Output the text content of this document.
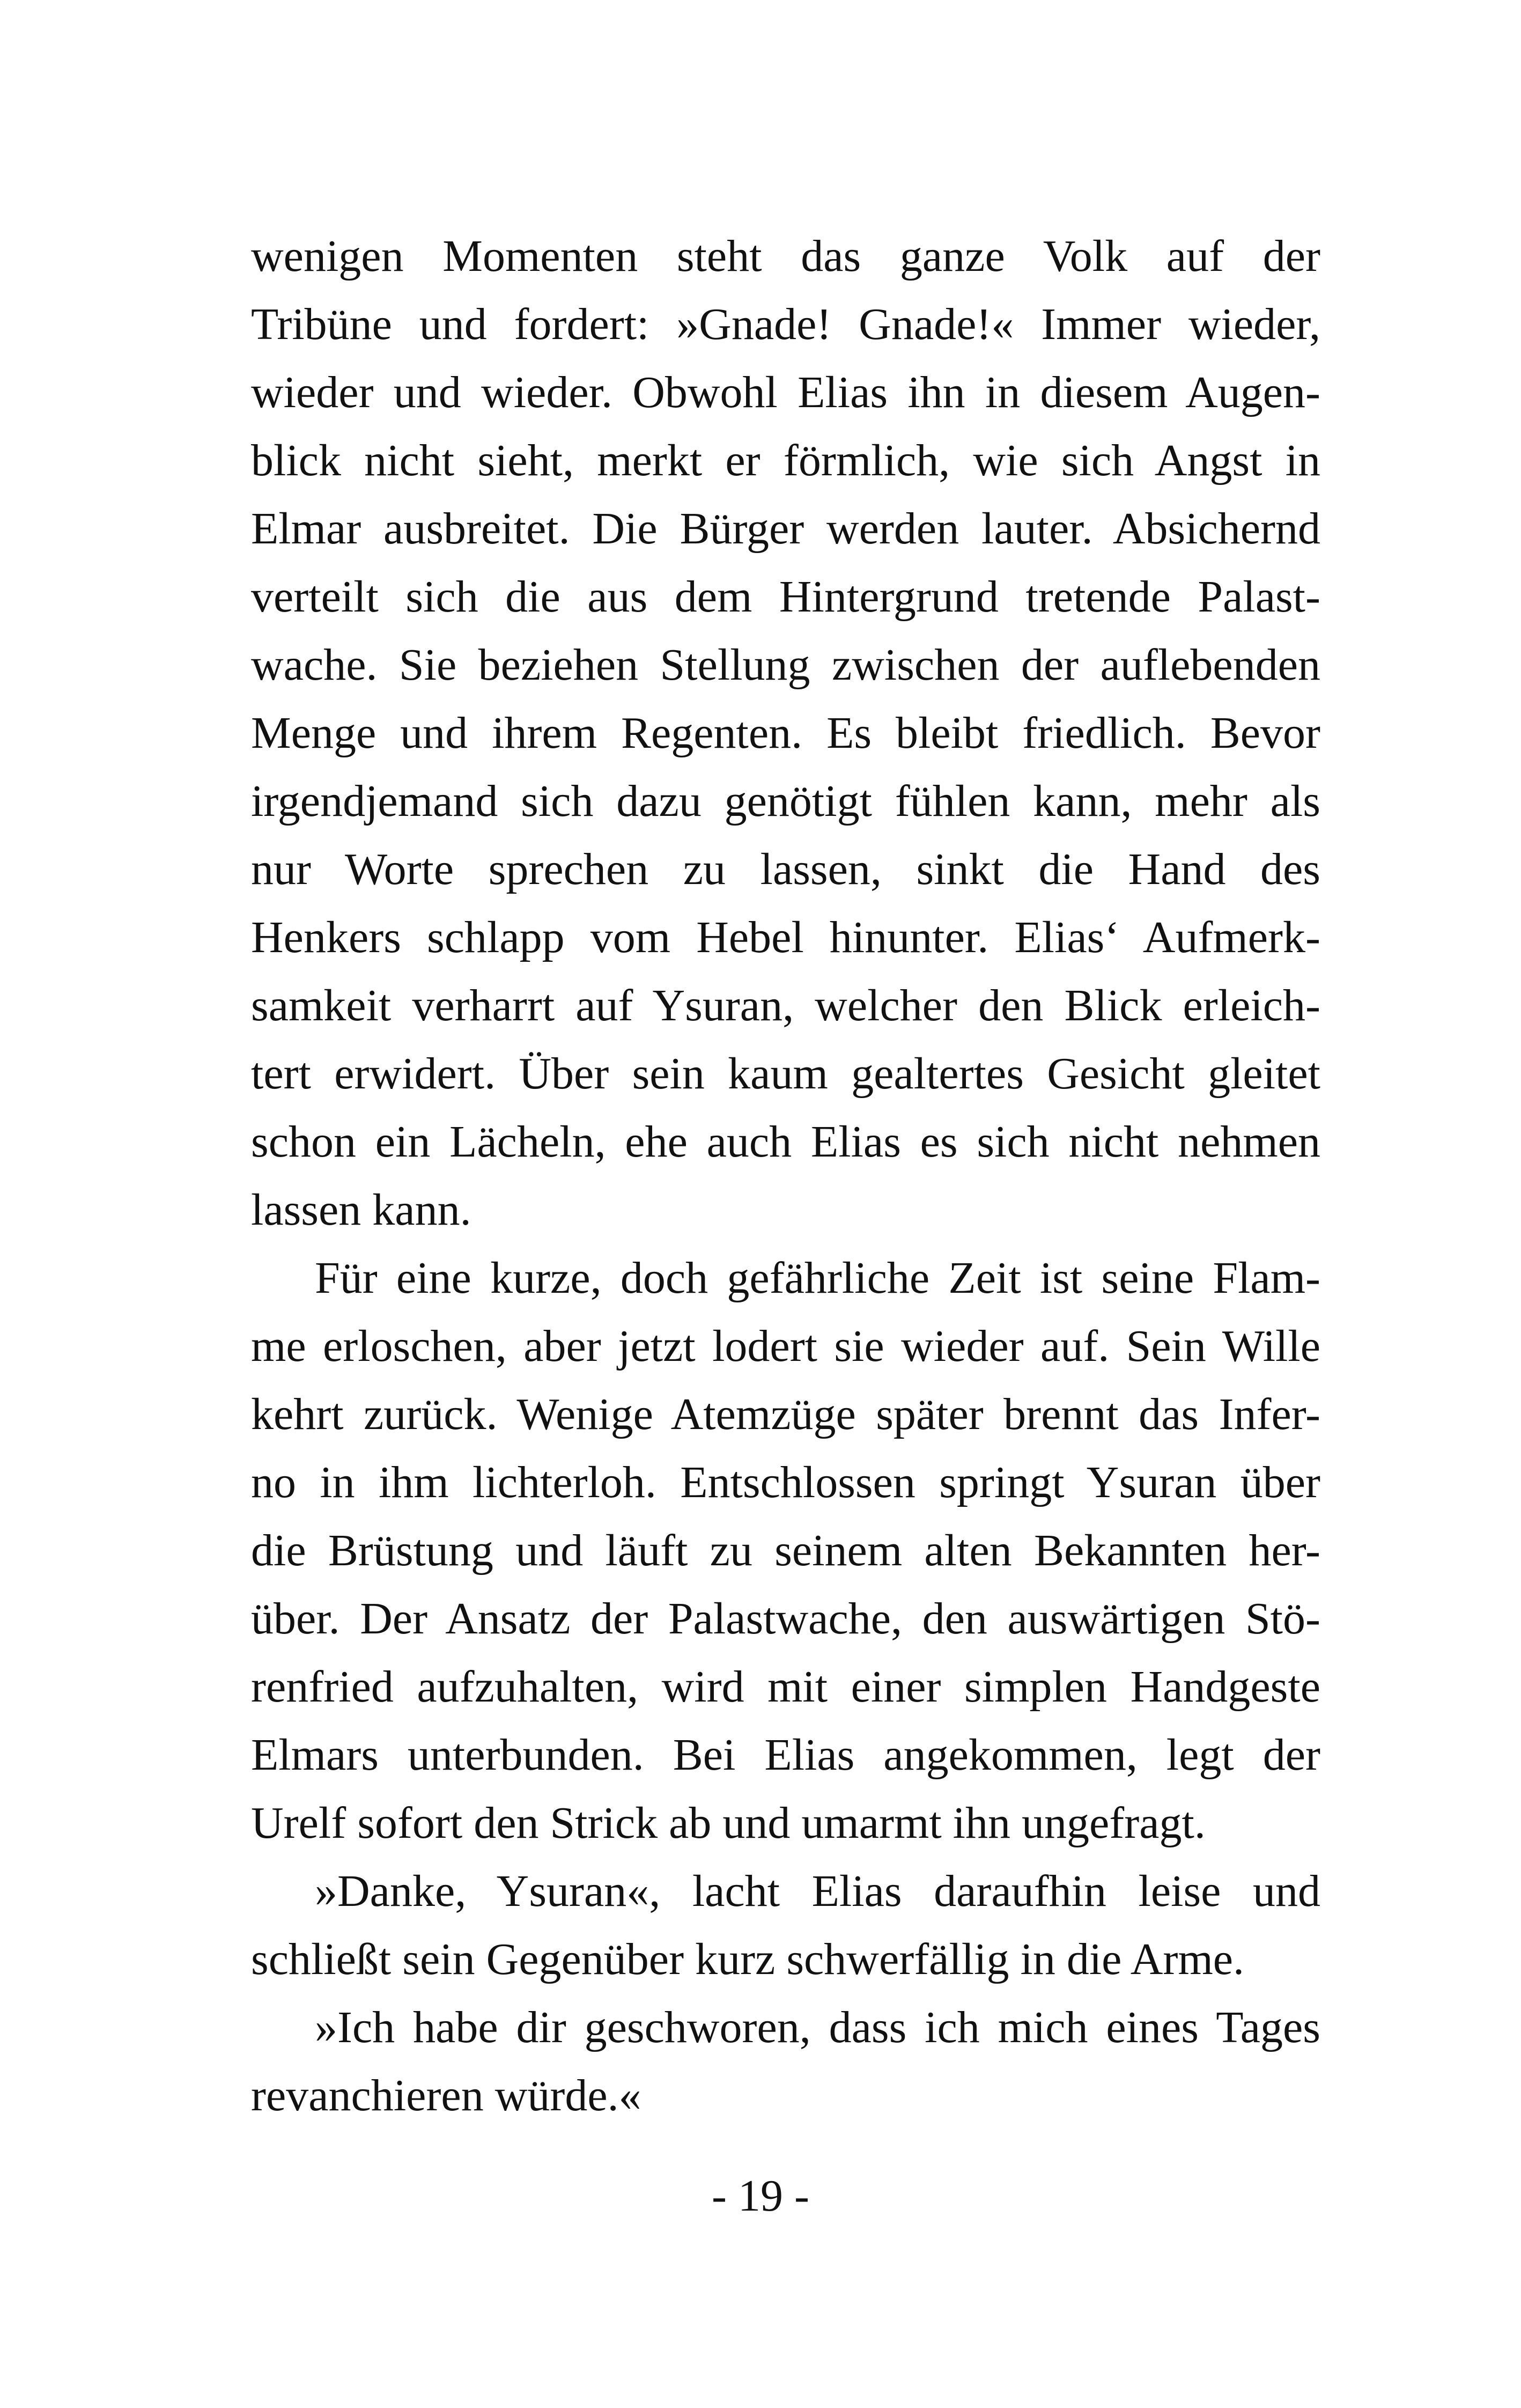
wenigen Momenten steht das ganze Volk auf der
Tribüne und fordert: »Gnade! Gnade!« Immer wieder,
wieder und wieder. Obwohl Elias ihn in diesem Augen-
blick nicht sieht, merkt er förmlich, wie sich Angst in
Elmar ausbreitet. Die Bürger werden lauter. Absichernd
verteilt sich die aus dem Hintergrund tretende Palast-
wache. Sie beziehen Stellung zwischen der auflebenden
Menge und ihrem Regenten. Es bleibt friedlich. Bevor
irgendjemand sich dazu genötigt fühlen kann, mehr als
nur Worte sprechen zu lassen, sinkt die Hand des
Henkers schlapp vom Hebel hinunter. Elias‘ Aufmerk-
samkeit verharrt auf Ysuran, welcher den Blick erleich-
tert erwidert. Über sein kaum gealtertes Gesicht gleitet
schon ein Lächeln, ehe auch Elias es sich nicht nehmen
lassen kann.
Für eine kurze, doch gefährliche Zeit ist seine Flam-
me erloschen, aber jetzt lodert sie wieder auf. Sein Wille
kehrt zurück. Wenige Atemzüge später brennt das Infer-
no in ihm lichterloh. Entschlossen springt Ysuran über
die Brüstung und läuft zu seinem alten Bekannten her-
über. Der Ansatz der Palastwache, den auswärtigen Stö-
renfried aufzuhalten, wird mit einer simplen Handgeste
Elmars unterbunden. Bei Elias angekommen, legt der
Urelf sofort den Strick ab und umarmt ihn ungefragt.
»Danke, Ysuran«, lacht Elias daraufhin leise und
schließt sein Gegenüber kurz schwerfällig in die Arme.
»Ich habe dir geschworen, dass ich mich eines Tages
revanchieren würde.«
- 19 -
